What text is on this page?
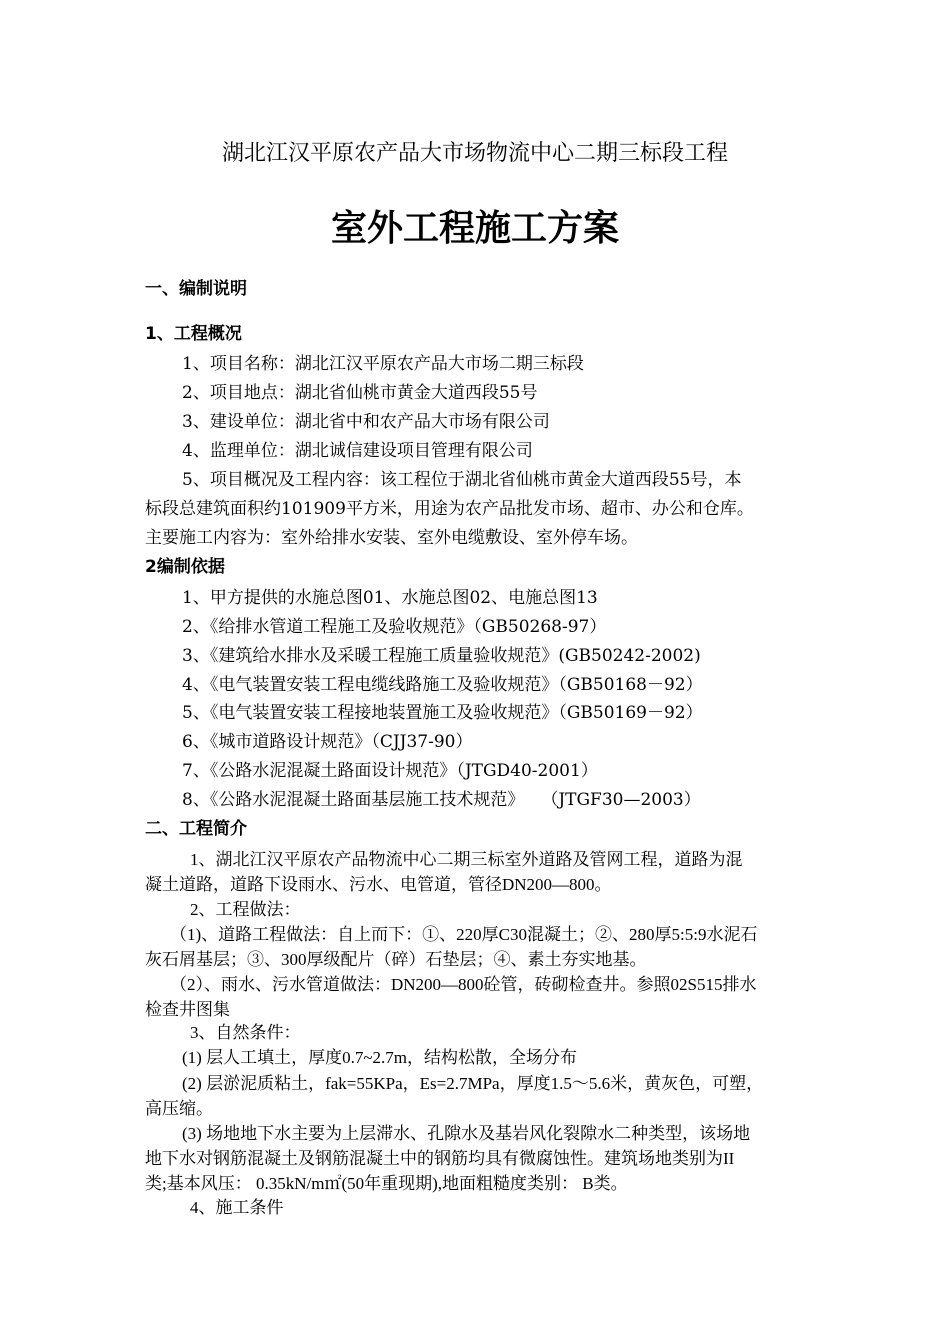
湖北江汉平原农产品大市场物流中心二期三标段工程
室外工程施工方案
一、编制说明
1、工程概况
1、项目名称：湖北江汉平原农产品大市场二期三标段
2、项目地点：湖北省仙桃市黄金大道西段55号
3、建设单位：湖北省中和农产品大市场有限公司
4、监理单位：湖北诚信建设项目管理有限公司
5、项目概况及工程内容：该工程位于湖北省仙桃市黄金大道西段55号，本
标段总建筑面积约101909平方米，用途为农产品批发市场、超市、办公和仓库。
主要施工内容为：室外给排水安装、室外电缆敷设、室外停车场。
2编制依据
1、甲方提供的水施总图01、水施总图02、电施总图13
2、《给排水管道工程施工及验收规范》（GB50268-97）
3、《建筑给水排水及采暖工程施工质量验收规范》(GB50242-2002)
4、《电气装置安装工程电缆线路施工及验收规范》（GB50168－92）
5、《电气装置安装工程接地装置施工及验收规范》（GB50169－92）
6、《城市道路设计规范》（CJJ37-90）
7、《公路水泥混凝土路面设计规范》（JTGD40-2001）
8、《公路水泥混凝土路面基层施工技术规范》　　（JTGF30—2003）
二、工程简介
1、湖北江汉平原农产品物流中心二期三标室外道路及管网工程，道路为混
凝土道路，道路下设雨水、污水、电管道，管径DN200—800。
2、工程做法：
（1)、道路工程做法：自上而下：①、220厚C30混凝土；②、280厚5:5:9水泥石
灰石屑基层；③、300厚级配片（碎）石垫层；④、素土夯实地基。
（2）、雨水、污水管道做法：DN200—800砼管，砖砌检查井。参照02S515排水
检查井图集
3、自然条件：
(1) 层人工填土，厚度0.7~2.7m，结构松散，全场分布
(2) 层淤泥质粘土，fak=55KPa，Es=2.7MPa，厚度1.5～5.6米，黄灰色，可塑，
高压缩。
(3) 场地地下水主要为上层滞水、孔隙水及基岩风化裂隙水二种类型，该场地
地下水对钢筋混凝土及钢筋混凝土中的钢筋均具有微腐蚀性。建筑场地类别为II
类;基本风压： 0.35kN/m㎡(50年重现期),地面粗糙度类别： B类。
4、施工条件
